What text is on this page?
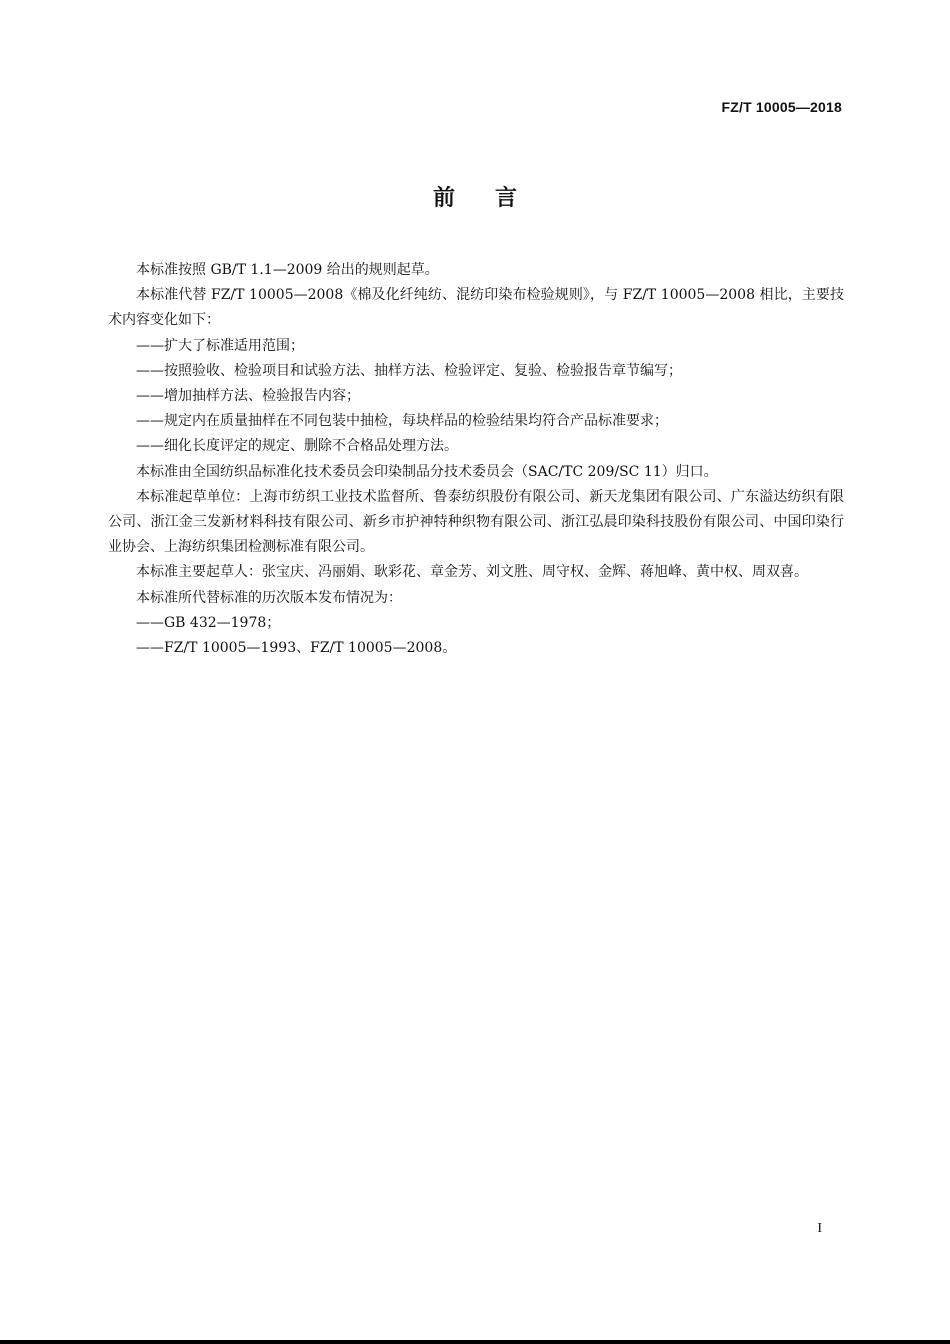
FZ/T 10005—2018
前言

本标准按照 GB/T 1.1—2009 给出的规则起草。

本标准代替 FZ/T 10005—2008《棉及化纤纯纺、混纺印染布检验规则》，与 FZ/T 10005—2008 相比，主要技术内容变化如下：

——扩大了标准适用范围；

——按照验收、检验项目和试验方法、抽样方法、检验评定、复验、检验报告章节编写；

——增加抽样方法、检验报告内容；

——规定内在质量抽样在不同包装中抽检，每块样品的检验结果均符合产品标准要求；

——细化长度评定的规定、删除不合格品处理方法。

本标准由全国纺织品标准化技术委员会印染制品分技术委员会（SAC/TC 209/SC 11）归口。

本标准起草单位：上海市纺织工业技术监督所、鲁泰纺织股份有限公司、新天龙集团有限公司、广东溢达纺织有限公司、浙江金三发新材料科技有限公司、新乡市护神特种织物有限公司、浙江弘晨印染科技股份有限公司、中国印染行业协会、上海纺织集团检测标准有限公司。

本标准主要起草人：张宝庆、冯丽娟、耿彩花、章金芳、刘文胜、周守权、金辉、蒋旭峰、黄中权、周双喜。

本标准所代替标准的历次版本发布情况为：

——GB 432—1978；

——FZ/T 10005—1993、FZ/T 10005—2008。

I
